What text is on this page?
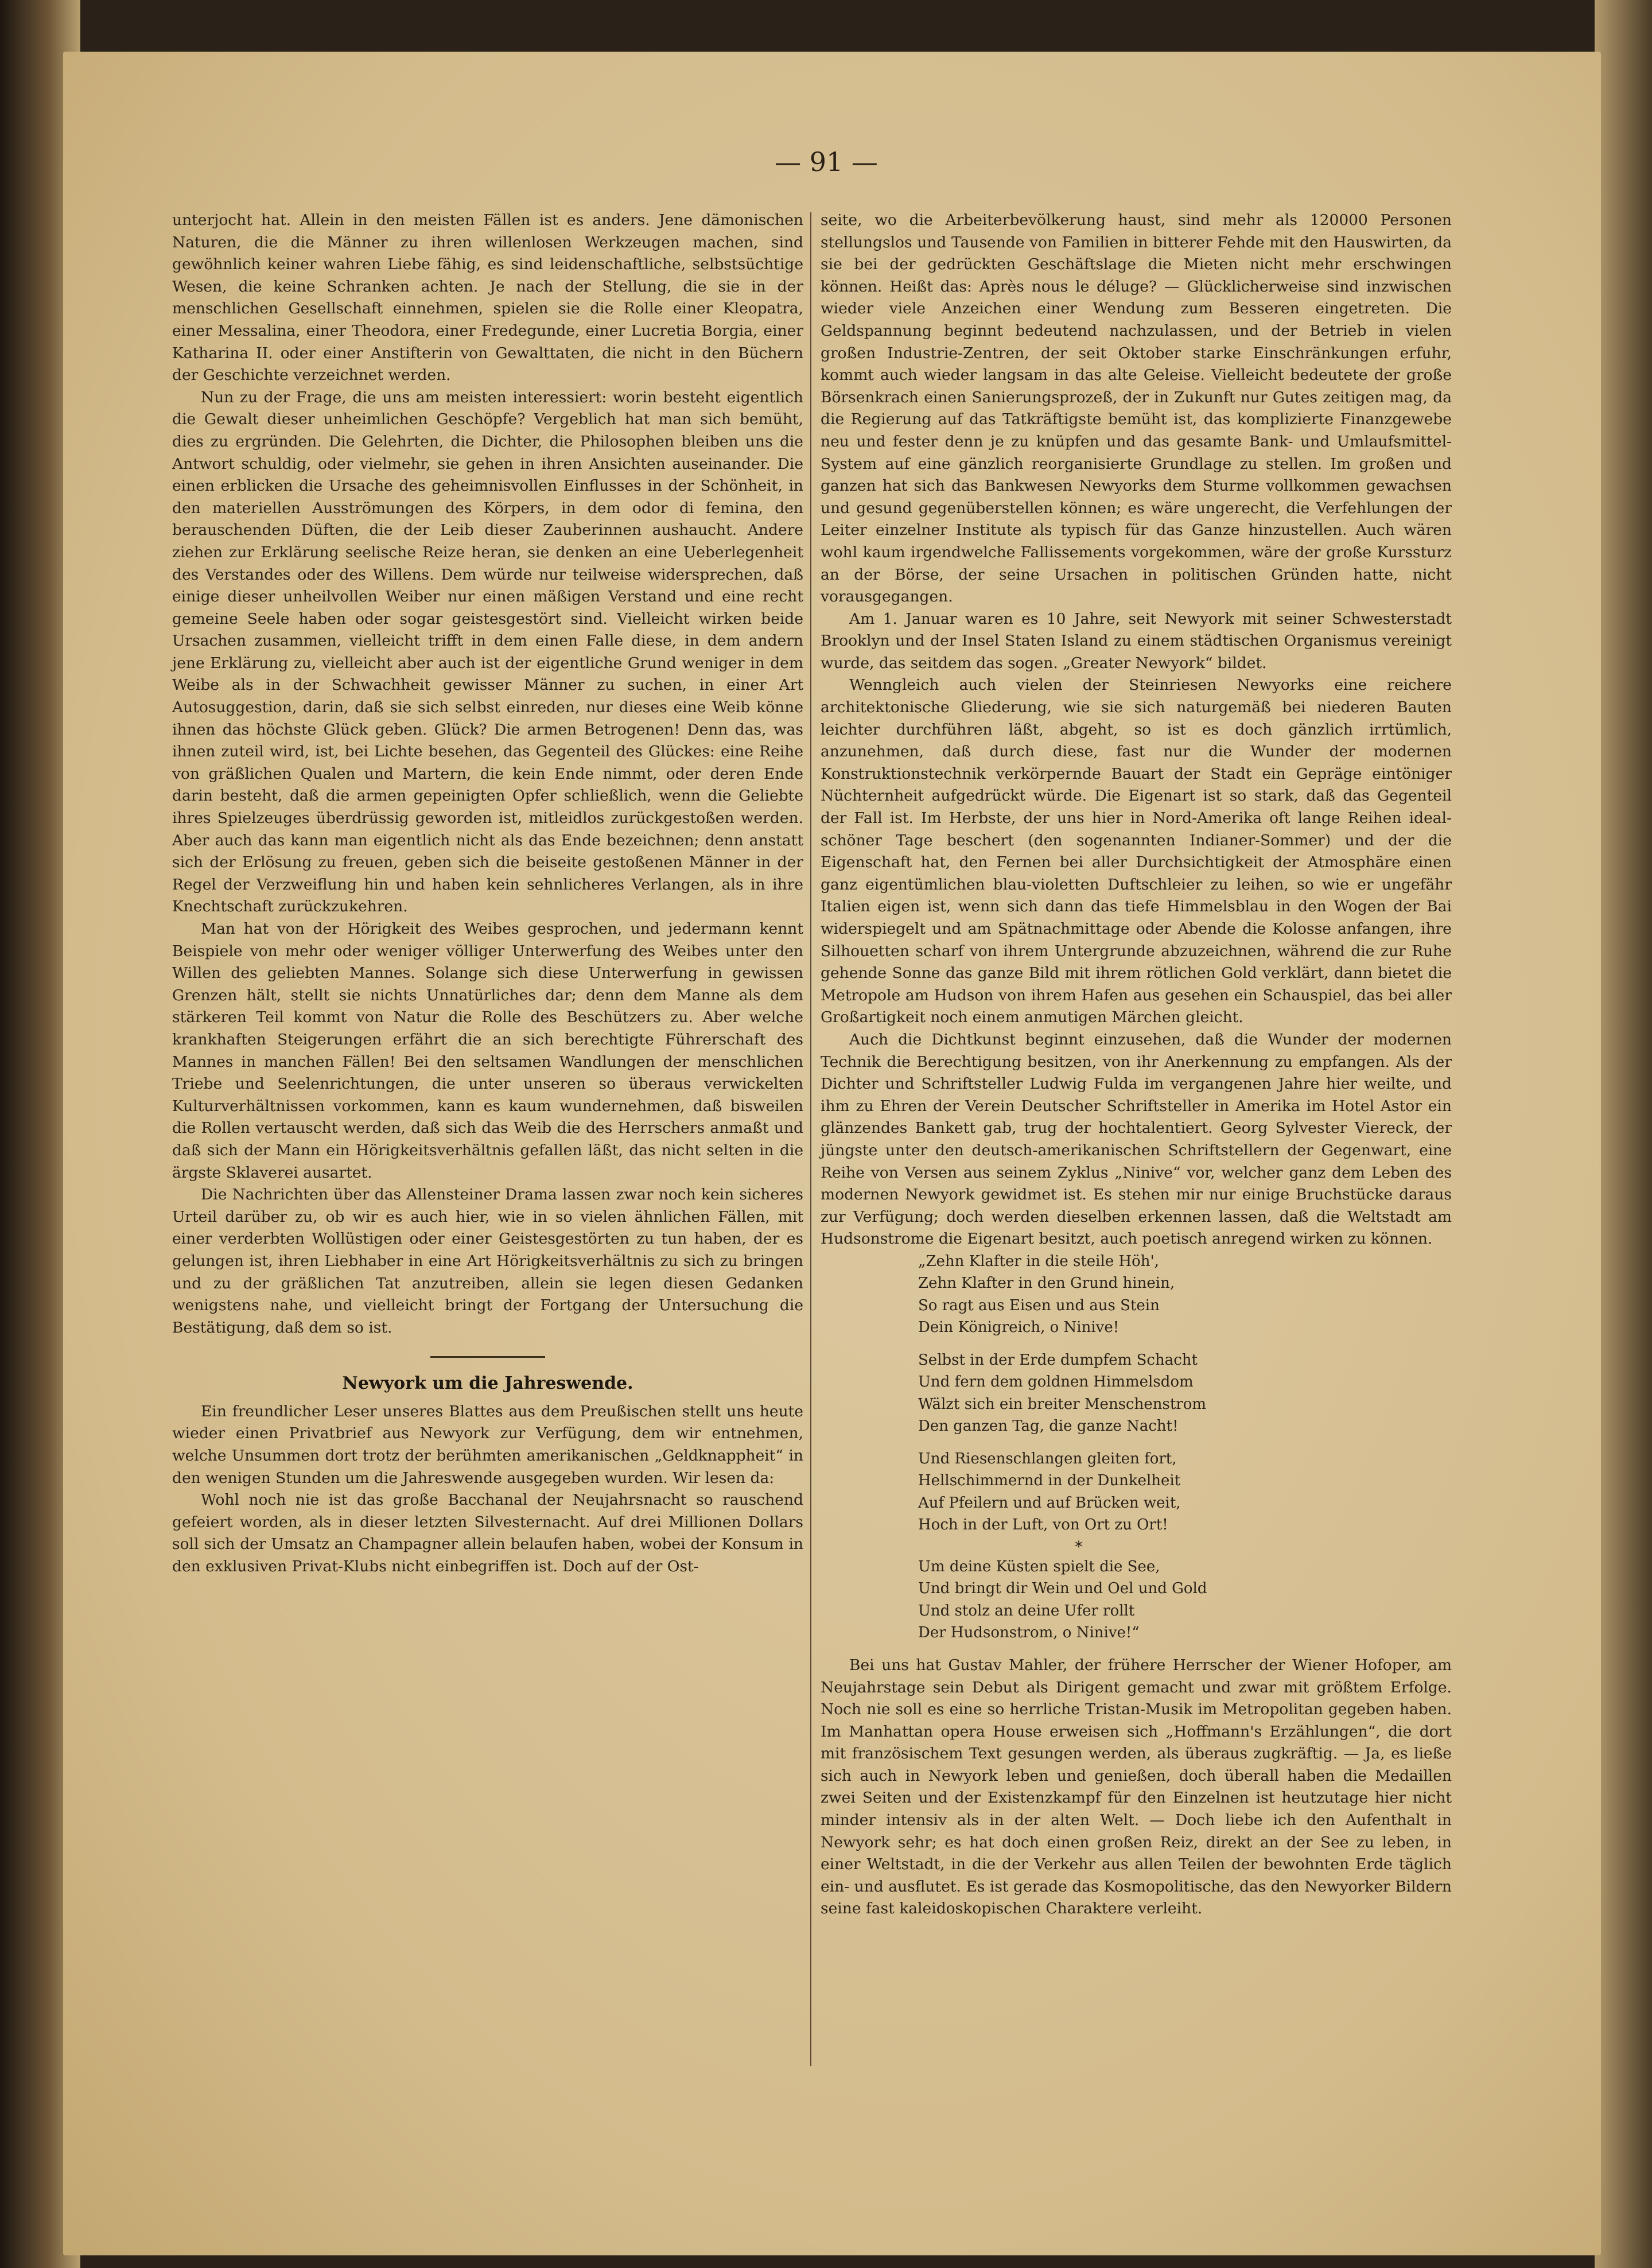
— 91 —

unterjocht hat. Allein in den meisten Fällen ist es anders. Jene dämonischen Naturen, die die Männer zu ihren willenlosen Werkzeugen machen, sind gewöhnlich keiner wahren Liebe fähig, es sind leidenschaftliche, selbstsüchtige Wesen, die keine Schranken achten. Je nach der Stellung, die sie in der menschlichen Gesellschaft einnehmen, spielen sie die Rolle einer Kleopatra, einer Messalina, einer Theodora, einer Fredegunde, einer Lucretia Borgia, einer Katharina II. oder einer Anstifterin von Gewalttaten, die nicht in den Büchern der Geschichte verzeichnet werden.

Nun zu der Frage, die uns am meisten interessiert: worin besteht eigentlich die Gewalt dieser unheimlichen Geschöpfe? Vergeblich hat man sich bemüht, dies zu ergründen. Die Gelehrten, die Dichter, die Philosophen bleiben uns die Antwort schuldig, oder vielmehr, sie gehen in ihren Ansichten auseinander. Die einen erblicken die Ursache des geheimnisvollen Einflusses in der Schönheit, in den materiellen Ausströmungen des Körpers, in dem odor di femina, den berauschenden Düften, die der Leib dieser Zauberinnen aushaucht. Andere ziehen zur Erklärung seelische Reize heran, sie denken an eine Ueberlegenheit des Verstandes oder des Willens. Dem würde nur teilweise widersprechen, daß einige dieser unheilvollen Weiber nur einen mäßigen Verstand und eine recht gemeine Seele haben oder sogar geistesgestört sind. Vielleicht wirken beide Ursachen zusammen, vielleicht trifft in dem einen Falle diese, in dem andern jene Erklärung zu, vielleicht aber auch ist der eigentliche Grund weniger in dem Weibe als in der Schwachheit gewisser Männer zu suchen, in einer Art Autosuggestion, darin, daß sie sich selbst einreden, nur dieses eine Weib könne ihnen das höchste Glück geben. Glück? Die armen Betrogenen! Denn das, was ihnen zuteil wird, ist, bei Lichte besehen, das Gegenteil des Glückes: eine Reihe von gräßlichen Qualen und Martern, die kein Ende nimmt, oder deren Ende darin besteht, daß die armen gepeinigten Opfer schließlich, wenn die Geliebte ihres Spielzeuges überdrüssig geworden ist, mitleidlos zurückgestoßen werden. Aber auch das kann man eigentlich nicht als das Ende bezeichnen; denn anstatt sich der Erlösung zu freuen, geben sich die beiseite gestoßenen Männer in der Regel der Verzweiflung hin und haben kein sehnlicheres Verlangen, als in ihre Knechtschaft zurückzukehren.

Man hat von der Hörigkeit des Weibes gesprochen, und jedermann kennt Beispiele von mehr oder weniger völliger Unterwerfung des Weibes unter den Willen des geliebten Mannes. Solange sich diese Unterwerfung in gewissen Grenzen hält, stellt sie nichts Unnatürliches dar; denn dem Manne als dem stärkeren Teil kommt von Natur die Rolle des Beschützers zu. Aber welche krankhaften Steigerungen erfährt die an sich berechtigte Führerschaft des Mannes in manchen Fällen! Bei den seltsamen Wandlungen der menschlichen Triebe und Seelenrichtungen, die unter unseren so überaus verwickelten Kulturverhältnissen vorkommen, kann es kaum wundernehmen, daß bisweilen die Rollen vertauscht werden, daß sich das Weib die des Herrschers anmaßt und daß sich der Mann ein Hörigkeitsverhältnis gefallen läßt, das nicht selten in die ärgste Sklaverei ausartet.

Die Nachrichten über das Allensteiner Drama lassen zwar noch kein sicheres Urteil darüber zu, ob wir es auch hier, wie in so vielen ähnlichen Fällen, mit einer verderbten Wollüstigen oder einer Geistesgestörten zu tun haben, der es gelungen ist, ihren Liebhaber in eine Art Hörigkeitsverhältnis zu sich zu bringen und zu der gräßlichen Tat anzutreiben, allein sie legen diesen Gedanken wenigstens nahe, und vielleicht bringt der Fortgang der Untersuchung die Bestätigung, daß dem so ist.

Newyork um die Jahreswende.

Ein freundlicher Leser unseres Blattes aus dem Preußischen stellt uns heute wieder einen Privatbrief aus Newyork zur Verfügung, dem wir entnehmen, welche Unsummen dort trotz der berühmten amerikanischen „Geldknappheit“ in den wenigen Stunden um die Jahreswende ausgegeben wurden. Wir lesen da:

Wohl noch nie ist das große Bacchanal der Neujahrsnacht so rauschend gefeiert worden, als in dieser letzten Silvesternacht. Auf drei Millionen Dollars soll sich der Umsatz an Champagner allein belaufen haben, wobei der Konsum in den exklusiven Privat-Klubs nicht einbegriffen ist. Doch auf der Ost-

seite, wo die Arbeiterbevölkerung haust, sind mehr als 120000 Personen stellungslos und Tausende von Familien in bitterer Fehde mit den Hauswirten, da sie bei der gedrückten Geschäftslage die Mieten nicht mehr erschwingen können. Heißt das: Après nous le déluge? — Glücklicherweise sind inzwischen wieder viele Anzeichen einer Wendung zum Besseren eingetreten. Die Geldspannung beginnt bedeutend nachzulassen, und der Betrieb in vielen großen Industrie-Zentren, der seit Oktober starke Einschränkungen erfuhr, kommt auch wieder langsam in das alte Geleise. Vielleicht bedeutete der große Börsenkrach einen Sanierungsprozeß, der in Zukunft nur Gutes zeitigen mag, da die Regierung auf das Tatkräftigste bemüht ist, das komplizierte Finanzgewebe neu und fester denn je zu knüpfen und das gesamte Bank- und Umlaufsmittel-System auf eine gänzlich reorganisierte Grundlage zu stellen. Im großen und ganzen hat sich das Bankwesen Newyorks dem Sturme vollkommen gewachsen und gesund gegenüberstellen können; es wäre ungerecht, die Verfehlungen der Leiter einzelner Institute als typisch für das Ganze hinzustellen. Auch wären wohl kaum irgendwelche Fallissements vorgekommen, wäre der große Kurssturz an der Börse, der seine Ursachen in politischen Gründen hatte, nicht vorausgegangen.

Am 1. Januar waren es 10 Jahre, seit Newyork mit seiner Schwesterstadt Brooklyn und der Insel Staten Island zu einem städtischen Organismus vereinigt wurde, das seitdem das sogen. „Greater Newyork“ bildet.

Wenngleich auch vielen der Steinriesen Newyorks eine reichere architektonische Gliederung, wie sie sich naturgemäß bei niederen Bauten leichter durchführen läßt, abgeht, so ist es doch gänzlich irrtümlich, anzunehmen, daß durch diese, fast nur die Wunder der modernen Konstruktionstechnik verkörpernde Bauart der Stadt ein Gepräge eintöniger Nüchternheit aufgedrückt würde. Die Eigenart ist so stark, daß das Gegenteil der Fall ist. Im Herbste, der uns hier in Nord-Amerika oft lange Reihen ideal-schöner Tage beschert (den sogenannten Indianer-Sommer) und der die Eigenschaft hat, den Fernen bei aller Durchsichtigkeit der Atmosphäre einen ganz eigentümlichen blau-violetten Duftschleier zu leihen, so wie er ungefähr Italien eigen ist, wenn sich dann das tiefe Himmelsblau in den Wogen der Bai widerspiegelt und am Spätnachmittage oder Abende die Kolosse anfangen, ihre Silhouetten scharf von ihrem Untergrunde abzuzeichnen, während die zur Ruhe gehende Sonne das ganze Bild mit ihrem rötlichen Gold verklärt, dann bietet die Metropole am Hudson von ihrem Hafen aus gesehen ein Schauspiel, das bei aller Großartigkeit noch einem anmutigen Märchen gleicht.

Auch die Dichtkunst beginnt einzusehen, daß die Wunder der modernen Technik die Berechtigung besitzen, von ihr Anerkennung zu empfangen. Als der Dichter und Schriftsteller Ludwig Fulda im vergangenen Jahre hier weilte, und ihm zu Ehren der Verein Deutscher Schriftsteller in Amerika im Hotel Astor ein glänzendes Bankett gab, trug der hochtalentiert. Georg Sylvester Viereck, der jüngste unter den deutsch-amerikanischen Schriftstellern der Gegenwart, eine Reihe von Versen aus seinem Zyklus „Ninive“ vor, welcher ganz dem Leben des modernen Newyork gewidmet ist. Es stehen mir nur einige Bruchstücke daraus zur Verfügung; doch werden dieselben erkennen lassen, daß die Weltstadt am Hudsonstrome die Eigenart besitzt, auch poetisch anregend wirken zu können.

„Zehn Klafter in die steile Höh',
Zehn Klafter in den Grund hinein,
So ragt aus Eisen und aus Stein
Dein Königreich, o Ninive!
Selbst in der Erde dumpfem Schacht
Und fern dem goldnen Himmelsdom
Wälzt sich ein breiter Menschenstrom
Den ganzen Tag, die ganze Nacht!
Und Riesenschlangen gleiten fort,
Hellschimmernd in der Dunkelheit
Auf Pfeilern und auf Brücken weit,
Hoch in der Luft, von Ort zu Ort!
*
Um deine Küsten spielt die See,
Und bringt dir Wein und Oel und Gold
Und stolz an deine Ufer rollt
Der Hudsonstrom, o Ninive!“

Bei uns hat Gustav Mahler, der frühere Herrscher der Wiener Hofoper, am Neujahrstage sein Debut als Dirigent gemacht und zwar mit größtem Erfolge. Noch nie soll es eine so herrliche Tristan-Musik im Metropolitan gegeben haben. Im Manhattan opera House erweisen sich „Hoffmann's Erzählungen“, die dort mit französischem Text gesungen werden, als überaus zugkräftig. — Ja, es ließe sich auch in Newyork leben und genießen, doch überall haben die Medaillen zwei Seiten und der Existenzkampf für den Einzelnen ist heutzutage hier nicht minder intensiv als in der alten Welt. — Doch liebe ich den Aufenthalt in Newyork sehr; es hat doch einen großen Reiz, direkt an der See zu leben, in einer Weltstadt, in die der Verkehr aus allen Teilen der bewohnten Erde täglich ein- und ausflutet. Es ist gerade das Kosmopolitische, das den Newyorker Bildern seine fast kaleidoskopischen Charaktere verleiht.
